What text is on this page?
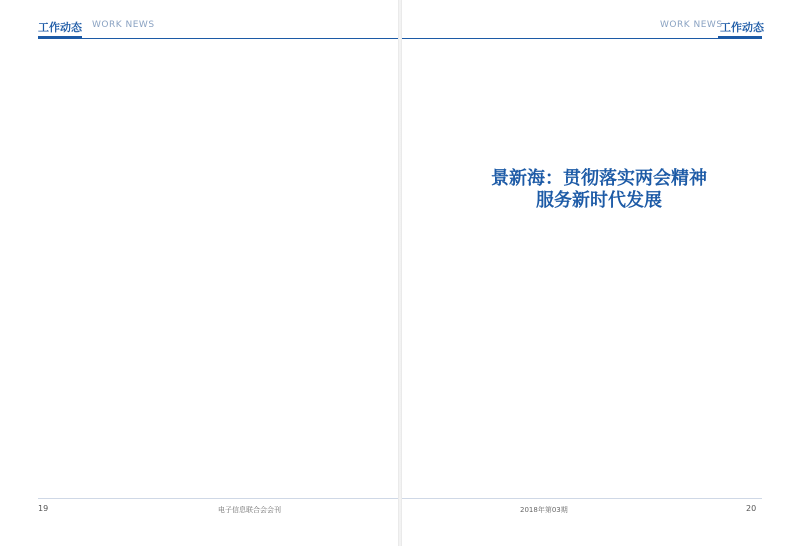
工作动态 WORK NEWS
19	电子信息联合会会刊
WORK NEWS
工作动态
景新海：贯彻落实两会精神
服务新时代发展
2018年第03期	20
